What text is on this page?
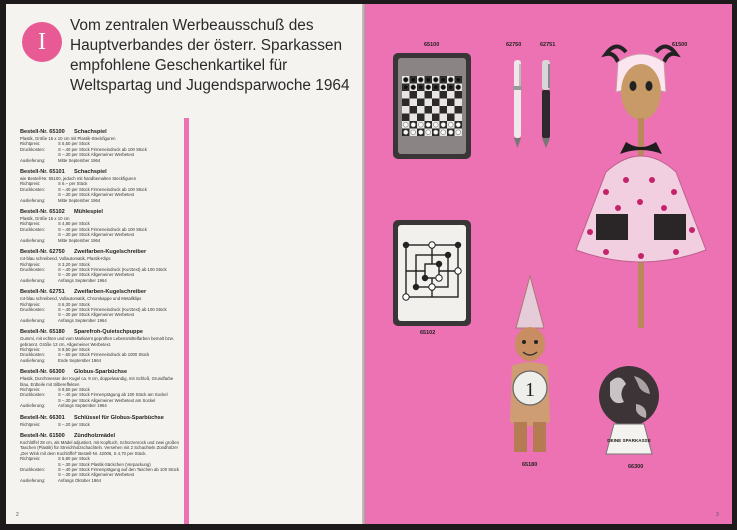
I
Vom zentralen Werbeausschuß des
Hauptverbandes der österr. Sparkassen
empfohlene Geschenkartikel für
Weltspartag und Jugendsparwoche 1964
Bestell-Nr. 65100	Schachspiel
Plastik, Größe 15 x 10 cm mit Plastik-Steckfiguren
Richtpreis:	S 5,50 per Stück
Druckkosten:	S –.40 per Stück Firmeneindruck ab 100 Stück
S –.30 per Stück Allgemeiner Werbetext
Auslieferung:	Mitte September 1964
Bestell-Nr. 65101	Schachspiel
wie Bestell-Nr. 65100, jedoch mit handbemalten Steckfiguren
Richtpreis:	S 6.– per Stück
Druckkosten:	S –.40 per Stück Firmeneindruck ab 100 Stück
S –.30 per Stück Allgemeiner Werbetext
Auslieferung:	Mitte September 1964
Bestell-Nr. 65102	Mühlespiel
Plastik, Größe 15 x 10 cm
Richtpreis:	S 4,80 per Stück
Druckkosten:	S –.40 per Stück Firmeneindruck ab 100 Stück
S –.30 per Stück Allgemeiner Werbetext
Auslieferung:	Mitte September 1964
Bestell-Nr. 62750	Zweifarben-Kugelschreiber
rot-blau schreibend, Vollautomatik, Plastik-Klips
Richtpreis:	S 3,20 per Stück
Druckkosten:	S –.40 per Stück Firmeneindruck (Kurztext) ab 100 Stück
S –.30 per Stück Allgemeiner Werbetext
Auslieferung:	Anfangs September 1964
Bestell-Nr. 62751	Zweifarben-Kugelschreiber
rot-blau schreibend, Vollautomatik, Chromkappe und Metallklips
Richtpreis:	S 6,30 per Stück
Druckkosten:	S –.40 per Stück Firmeneindruck (Kurztext) ab 100 Stück
S –.30 per Stück Allgemeiner Werbetext
Auslieferung:	Anfangs September 1964
Bestell-Nr. 65180	Sparefroh-Quietschpuppe
Gummi, mit echten und vom Markiarnt geprüften Lebensmittelfarben bemalt bzw. gebrannt. Größe 13 cm, Allgemeiner Werbetext.
Richtpreis:	S 8,50 per Stück
Druckkosten:	S –.50 per Stück Firmeneindruck ab 1000 Stück
Auslieferung:	Ende September 1964
Bestell-Nr. 66300	Globus-Sparbüchse
Plastik, Durchmesser der Kugel ca. 9 cm, doppelwandig, mit Schloß, Grundfarbe blau, Erdteile mit Silbereffekten
Richtpreis:	S 8,50 per Stück
Druckkosten:	S –.40 per Stück Firmenprägung ab 100 Stück am Sockel
S –.30 per Stück Allgemeiner Werbetext am Sockel
Auslieferung:	Anfangs September 1964
Bestell-Nr. 66301	Schlüssel für Globus-Sparbüchse
Richtpreis:	S –.20 per Stück
Bestell-Nr. 61500	Zündholzmädel
Kochlöffel 28 cm, als Mädel adjustiert, mit Kopftuch, Schürzenrock und zwei großen Taschen (Plastik) für Streichholzschachteln. Versehen mit 2 Schachteln Zündhölzer „Der Wink mit dem Kochlöffel" Bestell-Nr. 42006, S 4,70 per Stück.
Richtpreis:	S 5,80 per Stück
S –.30 per Stück Plastik-Säckchen (Verpackung)
Druckkosten:	S –.40 per Stück Firmenprägung auf den Taschen ab 100 Stück
S –.30 per Stück Allgemeiner Werbetext
Auslieferung:	Anfangs Oktober 1964
2
65100	62750	62751	61500
65102
1
65180
DEINE SPARKASSE
66300
3
